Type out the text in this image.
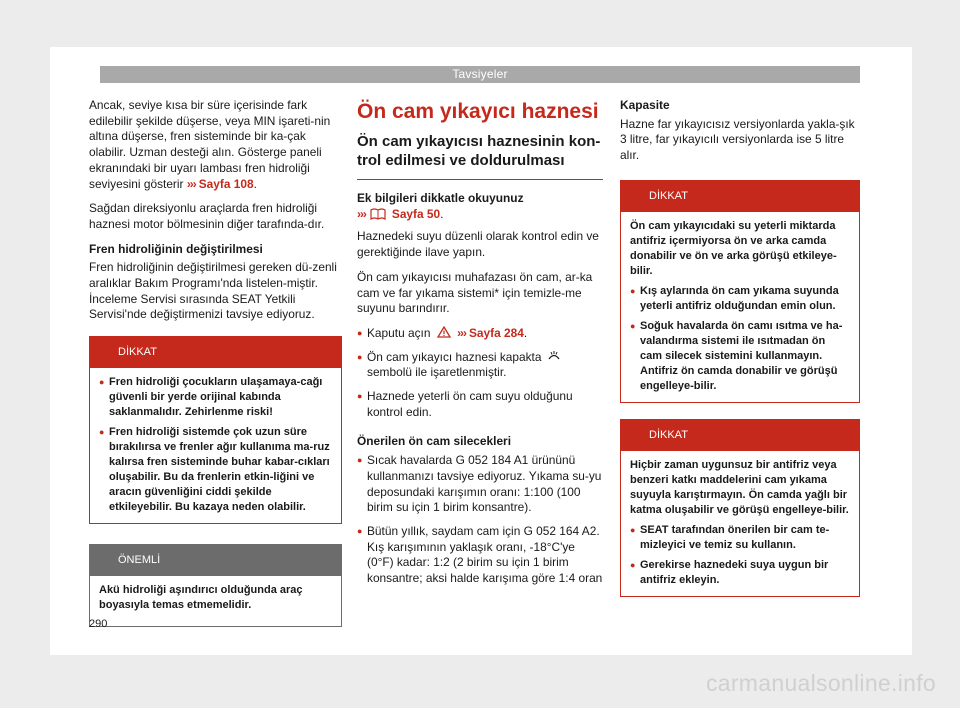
Tavsiyeler

Ancak, seviye kısa bir süre içerisinde fark edilebilir şekilde düşerse, veya MIN işareti-nin altına düşerse, fren sisteminde bir ka-çak olabilir. Uzman desteği alın. Gösterge paneli ekranındaki bir uyarı lambası fren hidroliği seviyesini gösterir ››› Sayfa 108.

Sağdan direksiyonlu araçlarda fren hidroliği haznesi motor bölmesinin diğer tarafında-dır.

Fren hidroliğinin değiştirilmesi

Fren hidroliğinin değiştirilmesi gereken dü-zenli aralıklar Bakım Programı'nda listelen-miştir. İnceleme Servisi sırasında SEAT Yetkili Servisi'nde değiştirmenizi tavsiye ediyoruz.

DİKKAT
● Fren hidroliği çocukların ulaşamaya-cağı güvenli bir yerde orijinal kabında saklanmalıdır. Zehirlenme riski!
● Fren hidroliği sistemde çok uzun süre bırakılırsa ve frenler ağır kullanıma ma-ruz kalırsa fren sisteminde buhar kabar-cıkları oluşabilir. Bu da frenlerin etkin-liğini ve aracın güvenliğini ciddi şekilde etkileyebilir. Bu kazaya neden olabilir.
ÖNEMLİ

Akü hidroliği aşındırıcı olduğunda araç boyasıyla temas etmemelidir.

Ön cam yıkayıcı haznesi
Ön cam yıkayıcısı haznesinin kon-trol edilmesi ve doldurulması

Ek bilgileri dikkatle okuyunuz
››› Sayfa 50.

Haznedeki suyu düzenli olarak kontrol edin ve gerektiğinde ilave yapın.

Ön cam yıkayıcısı muhafazası ön cam, ar-ka cam ve far yıkama sistemi* için temizle-me suyunu barındırır.

● Kaputu açın ››› Sayfa 284.
● Ön cam yıkayıcı haznesi kapakta
sembolü ile işaretlenmiştir.
● Haznede yeterli ön cam suyu olduğunu kontrol edin.

Önerilen ön cam silecekleri

● Sıcak havalarda G 052 184 A1 ürününü kullanmanızı tavsiye ediyoruz. Yıkama su-yu deposundaki karışımın oranı: 1:100 (100 birim su için 1 birim konsantre).
● Bütün yıllık, saydam cam için G 052 164 A2. Kış karışımının yaklaşık oranı, -18°C'ye (0°F) kadar: 1:2 (2 birim su için 1 birim konsantre; aksi halde karışıma göre 1:4 oran

Kapasite

Hazne far yıkayıcısız versiyonlarda yakla-şık 3 litre, far yıkayıcılı versiyonlarda ise 5 litre alır.

DİKKAT

Ön cam yıkayıcıdaki su yeterli miktarda antifriz içermiyorsa ön ve arka camda donabilir ve ön ve arka görüşü etkileye-bilir.

● Kış aylarında ön cam yıkama suyunda yeterli antifriz olduğundan emin olun.
● Soğuk havalarda ön camı ısıtma ve ha-valandırma sistemi ile ısıtmadan ön cam silecek sistemini kullanmayın. Antifriz ön camda donabilir ve görüşü engelleye-bilir.
DİKKAT

Hiçbir zaman uygunsuz bir antifriz veya benzeri katkı maddelerini cam yıkama suyuyla karıştırmayın. Ön camda yağlı bir katma oluşabilir ve görüşü engelleye-bilir.

● SEAT tarafından önerilen bir cam te-mizleyici ve temiz su kullanın.
● Gerekirse haznedeki suya uygun bir antifriz ekleyin.
290
carmanualsonline.info
